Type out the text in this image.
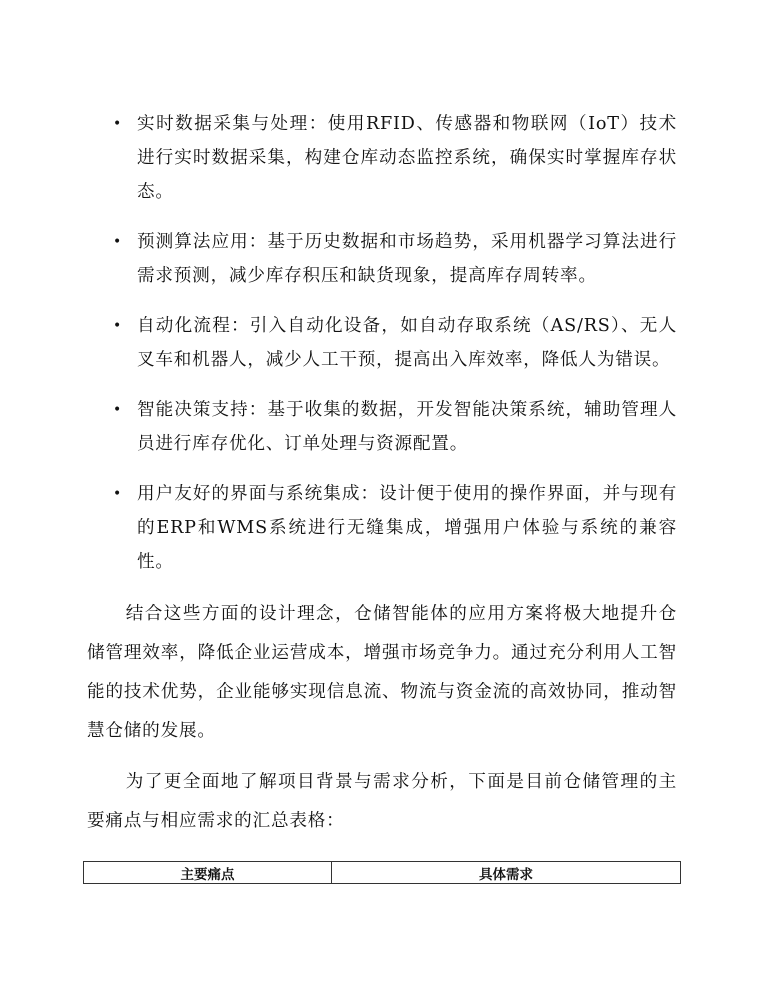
• 实时数据采集与处理：使用RFID、传感器和物联网（IoT）技术进行实时数据采集，构建仓库动态监控系统，确保实时掌握库存状态。
• 预测算法应用：基于历史数据和市场趋势，采用机器学习算法进行需求预测，减少库存积压和缺货现象，提高库存周转率。
• 自动化流程：引入自动化设备，如自动存取系统（AS/RS）、无人叉车和机器人，减少人工干预，提高出入库效率，降低人为错误。
• 智能决策支持：基于收集的数据，开发智能决策系统，辅助管理人员进行库存优化、订单处理与资源配置。
• 用户友好的界面与系统集成：设计便于使用的操作界面，并与现有的ERP和WMS系统进行无缝集成，增强用户体验与系统的兼容性。

结合这些方面的设计理念，仓储智能体的应用方案将极大地提升仓储管理效率，降低企业运营成本，增强市场竞争力。通过充分利用人工智能的技术优势，企业能够实现信息流、物流与资金流的高效协同，推动智慧仓储的发展。

为了更全面地了解项目背景与需求分析，下面是目前仓储管理的主要痛点与相应需求的汇总表格：

主要痛点	具体需求
